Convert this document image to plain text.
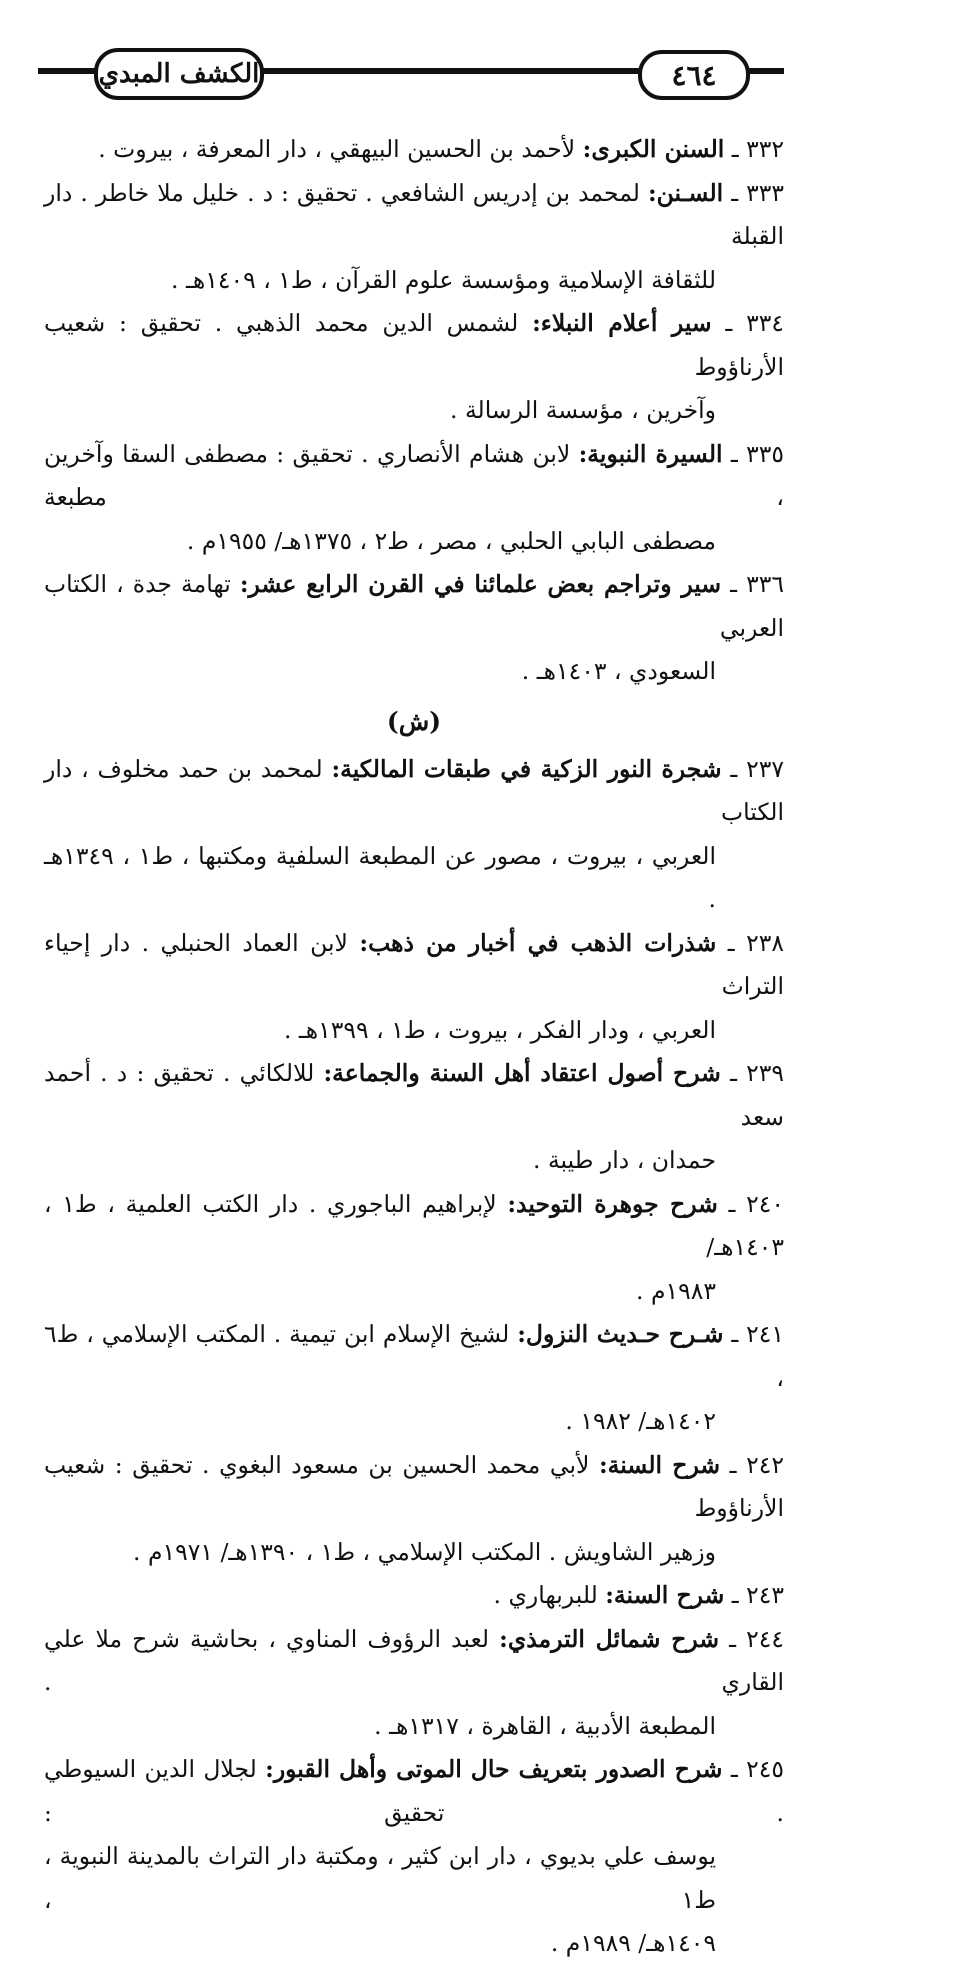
الكشف المبدي	٤٦٤
٣٣٢ ـ السنن الكبرى: لأحمد بن الحسين البيهقي ، دار المعرفة ، بيروت .
٣٣٣ ـ السـنن: لمحمد بن إدريس الشافعي . تحقيق : د . خليل ملا خاطر . دار القبلة
للثقافة الإسلامية ومؤسسة علوم القرآن ، ط١ ، ١٤٠٩هـ .
٣٣٤ ـ سير أعلام النبلاء: لشمس الدين محمد الذهبي . تحقيق : شعيب الأرناؤوط
وآخرين ، مؤسسة الرسالة .
٣٣٥ ـ السيرة النبوية: لابن هشام الأنصاري . تحقيق : مصطفى السقا وآخرين ، مطبعة
مصطفى البابي الحلبي ، مصر ، ط٢ ، ١٣٧٥هـ/ ١٩٥٥م .
٣٣٦ ـ سير وتراجم بعض علمائنا في القرن الرابع عشر: تهامة جدة ، الكتاب العربي
السعودي ، ١٤٠٣هـ .
(ش)
٢٣٧ ـ شجرة النور الزكية في طبقات المالكية: لمحمد بن حمد مخلوف ، دار الكتاب
العربي ، بيروت ، مصور عن المطبعة السلفية ومكتبها ، ط١ ، ١٣٤٩هـ .
٢٣٨ ـ شذرات الذهب في أخبار من ذهب: لابن العماد الحنبلي . دار إحياء التراث
العربي ، ودار الفكر ، بيروت ، ط١ ، ١٣٩٩هـ .
٢٣٩ ـ شرح أصول اعتقاد أهل السنة والجماعة: للالكائي . تحقيق : د . أحمد سعد
حمدان ، دار طيبة .
٢٤٠ ـ شرح جوهرة التوحيد: لإبراهيم الباجوري . دار الكتب العلمية ، ط١ ، ١٤٠٣هـ/
١٩٨٣م .
٢٤١ ـ شـرح حـديث النزول: لشيخ الإسلام ابن تيمية . المكتب الإسلامي ، ط٦ ،
١٤٠٢هـ/ ١٩٨٢ .
٢٤٢ ـ شرح السنة: لأبي محمد الحسين بن مسعود البغوي . تحقيق : شعيب الأرناؤوط
وزهير الشاويش . المكتب الإسلامي ، ط١ ، ١٣٩٠هـ/ ١٩٧١م .
٢٤٣ ـ شرح السنة: للبربهاري .
٢٤٤ ـ شرح شمائل الترمذي: لعبد الرؤوف المناوي ، بحاشية شرح ملا علي القاري .
المطبعة الأدبية ، القاهرة ، ١٣١٧هـ .
٢٤٥ ـ شرح الصدور بتعريف حال الموتى وأهل القبور: لجلال الدين السيوطي . تحقيق :
يوسف علي بديوي ، دار ابن كثير ، ومكتبة دار التراث بالمدينة النبوية ، ط١ ،
١٤٠٩هـ/ ١٩٨٩م .
